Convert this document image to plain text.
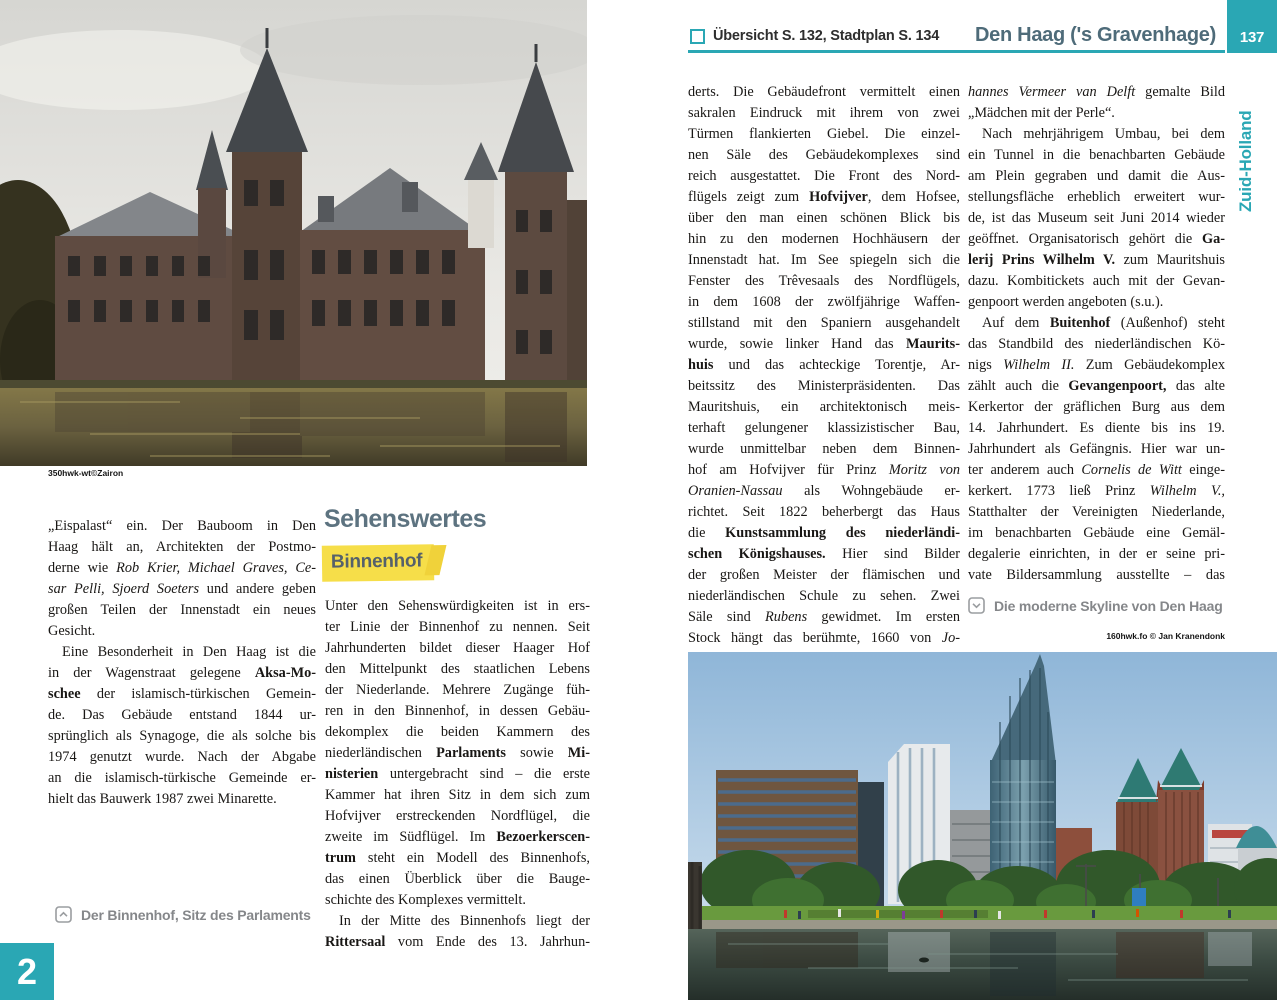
350hwk-wt©Zairon
Übersicht S. 132, Stadtplan S. 134	Den Haag ('s Gravenhage) 137
Zuid-Holland
„Eispalast“ ein. Der Bauboom in Den
Haag hält an, Architekten der Postmo-
derne wie Rob Krier, Michael Graves, Ce-
sar Pelli, Sjoerd Soeters und andere geben
großen Teilen der Innenstadt ein neues
Gesicht.
Eine Besonderheit in Den Haag ist die
in der Wagenstraat gelegene Aksa-Mo-
schee der islamisch-türkischen Gemein-
de. Das Gebäude entstand 1844 ur-
sprünglich als Synagoge, die als solche bis
1974 genutzt wurde. Nach der Abgabe
an die islamisch-türkische Gemeinde er-
hielt das Bauwerk 1987 zwei Minarette.
Sehenswertes
Binnenhof
Unter den Sehenswürdigkeiten ist in ers-
ter Linie der Binnenhof zu nennen. Seit
Jahrhunderten bildet dieser Haager Hof
den Mittelpunkt des staatlichen Lebens
der Niederlande. Mehrere Zugänge füh-
ren in den Binnenhof, in dessen Gebäu-
dekomplex die beiden Kammern des
niederländischen Parlaments sowie Mi-
nisterien untergebracht sind – die erste
Kammer hat ihren Sitz in dem sich zum
Hofvijver erstreckenden Nordflügel, die
zweite im Südflügel. Im Bezoerkerscen-
trum steht ein Modell des Binnenhofs,
das einen Überblick über die Bauge-
schichte des Komplexes vermittelt.
In der Mitte des Binnenhofs liegt der
Rittersaal vom Ende des 13. Jahrhun-
derts. Die Gebäudefront vermittelt einen
sakralen Eindruck mit ihrem von zwei
Türmen flankierten Giebel. Die einzel-
nen Säle des Gebäudekomplexes sind
reich ausgestattet. Die Front des Nord-
flügels zeigt zum Hofvijver, dem Hofsee,
über den man einen schönen Blick bis
hin zu den modernen Hochhäusern der
Innenstadt hat. Im See spiegeln sich die
Fenster des Trêvesaals des Nordflügels,
in dem 1608 der zwölfjährige Waffen-
stillstand mit den Spaniern ausgehandelt
wurde, sowie linker Hand das Maurits-
huis und das achteckige Torentje, Ar-
beitssitz des Ministerpräsidenten. Das
Mauritshuis, ein architektonisch meis-
terhaft gelungener klassizistischer Bau,
wurde unmittelbar neben dem Binnen-
hof am Hofvijver für Prinz Moritz von
Oranien-Nassau als Wohngebäude er-
richtet. Seit 1822 beherbergt das Haus
die Kunstsammlung des niederländi-
schen Königshauses. Hier sind Bilder
der großen Meister der flämischen und
niederländischen Schule zu sehen. Zwei
Säle sind Rubens gewidmet. Im ersten
Stock hängt das berühmte, 1660 von Jo-
hannes Vermeer van Delft gemalte Bild
„Mädchen mit der Perle“.
Nach mehrjährigem Umbau, bei dem
ein Tunnel in die benachbarten Gebäude
am Plein gegraben und damit die Aus-
stellungsfläche erheblich erweitert wur-
de, ist das Museum seit Juni 2014 wieder
geöffnet. Organisatorisch gehört die Ga-
lerij Prins Wilhelm V. zum Mauritshuis
dazu. Kombitickets auch mit der Gevan-
genpoort werden angeboten (s.u.).
Auf dem Buitenhof (Außenhof) steht
das Standbild des niederländischen Kö-
nigs Wilhelm II. Zum Gebäudekomplex
zählt auch die Gevangenpoort, das alte
Kerkertor der gräflichen Burg aus dem
14. Jahrhundert. Es diente bis ins 19.
Jahrhundert als Gefängnis. Hier war un-
ter anderem auch Cornelis de Witt einge-
kerkert. 1773 ließ Prinz Wilhelm V.,
Statthalter der Vereinigten Niederlande,
im benachbarten Gebäude eine Gemäl-
degalerie einrichten, in der er seine pri-
vate Bildersammlung ausstellte – das
Der Binnenhof, Sitz des Parlaments
Die moderne Skyline von Den Haag
160hwk.fo © Jan Kranendonk
2
